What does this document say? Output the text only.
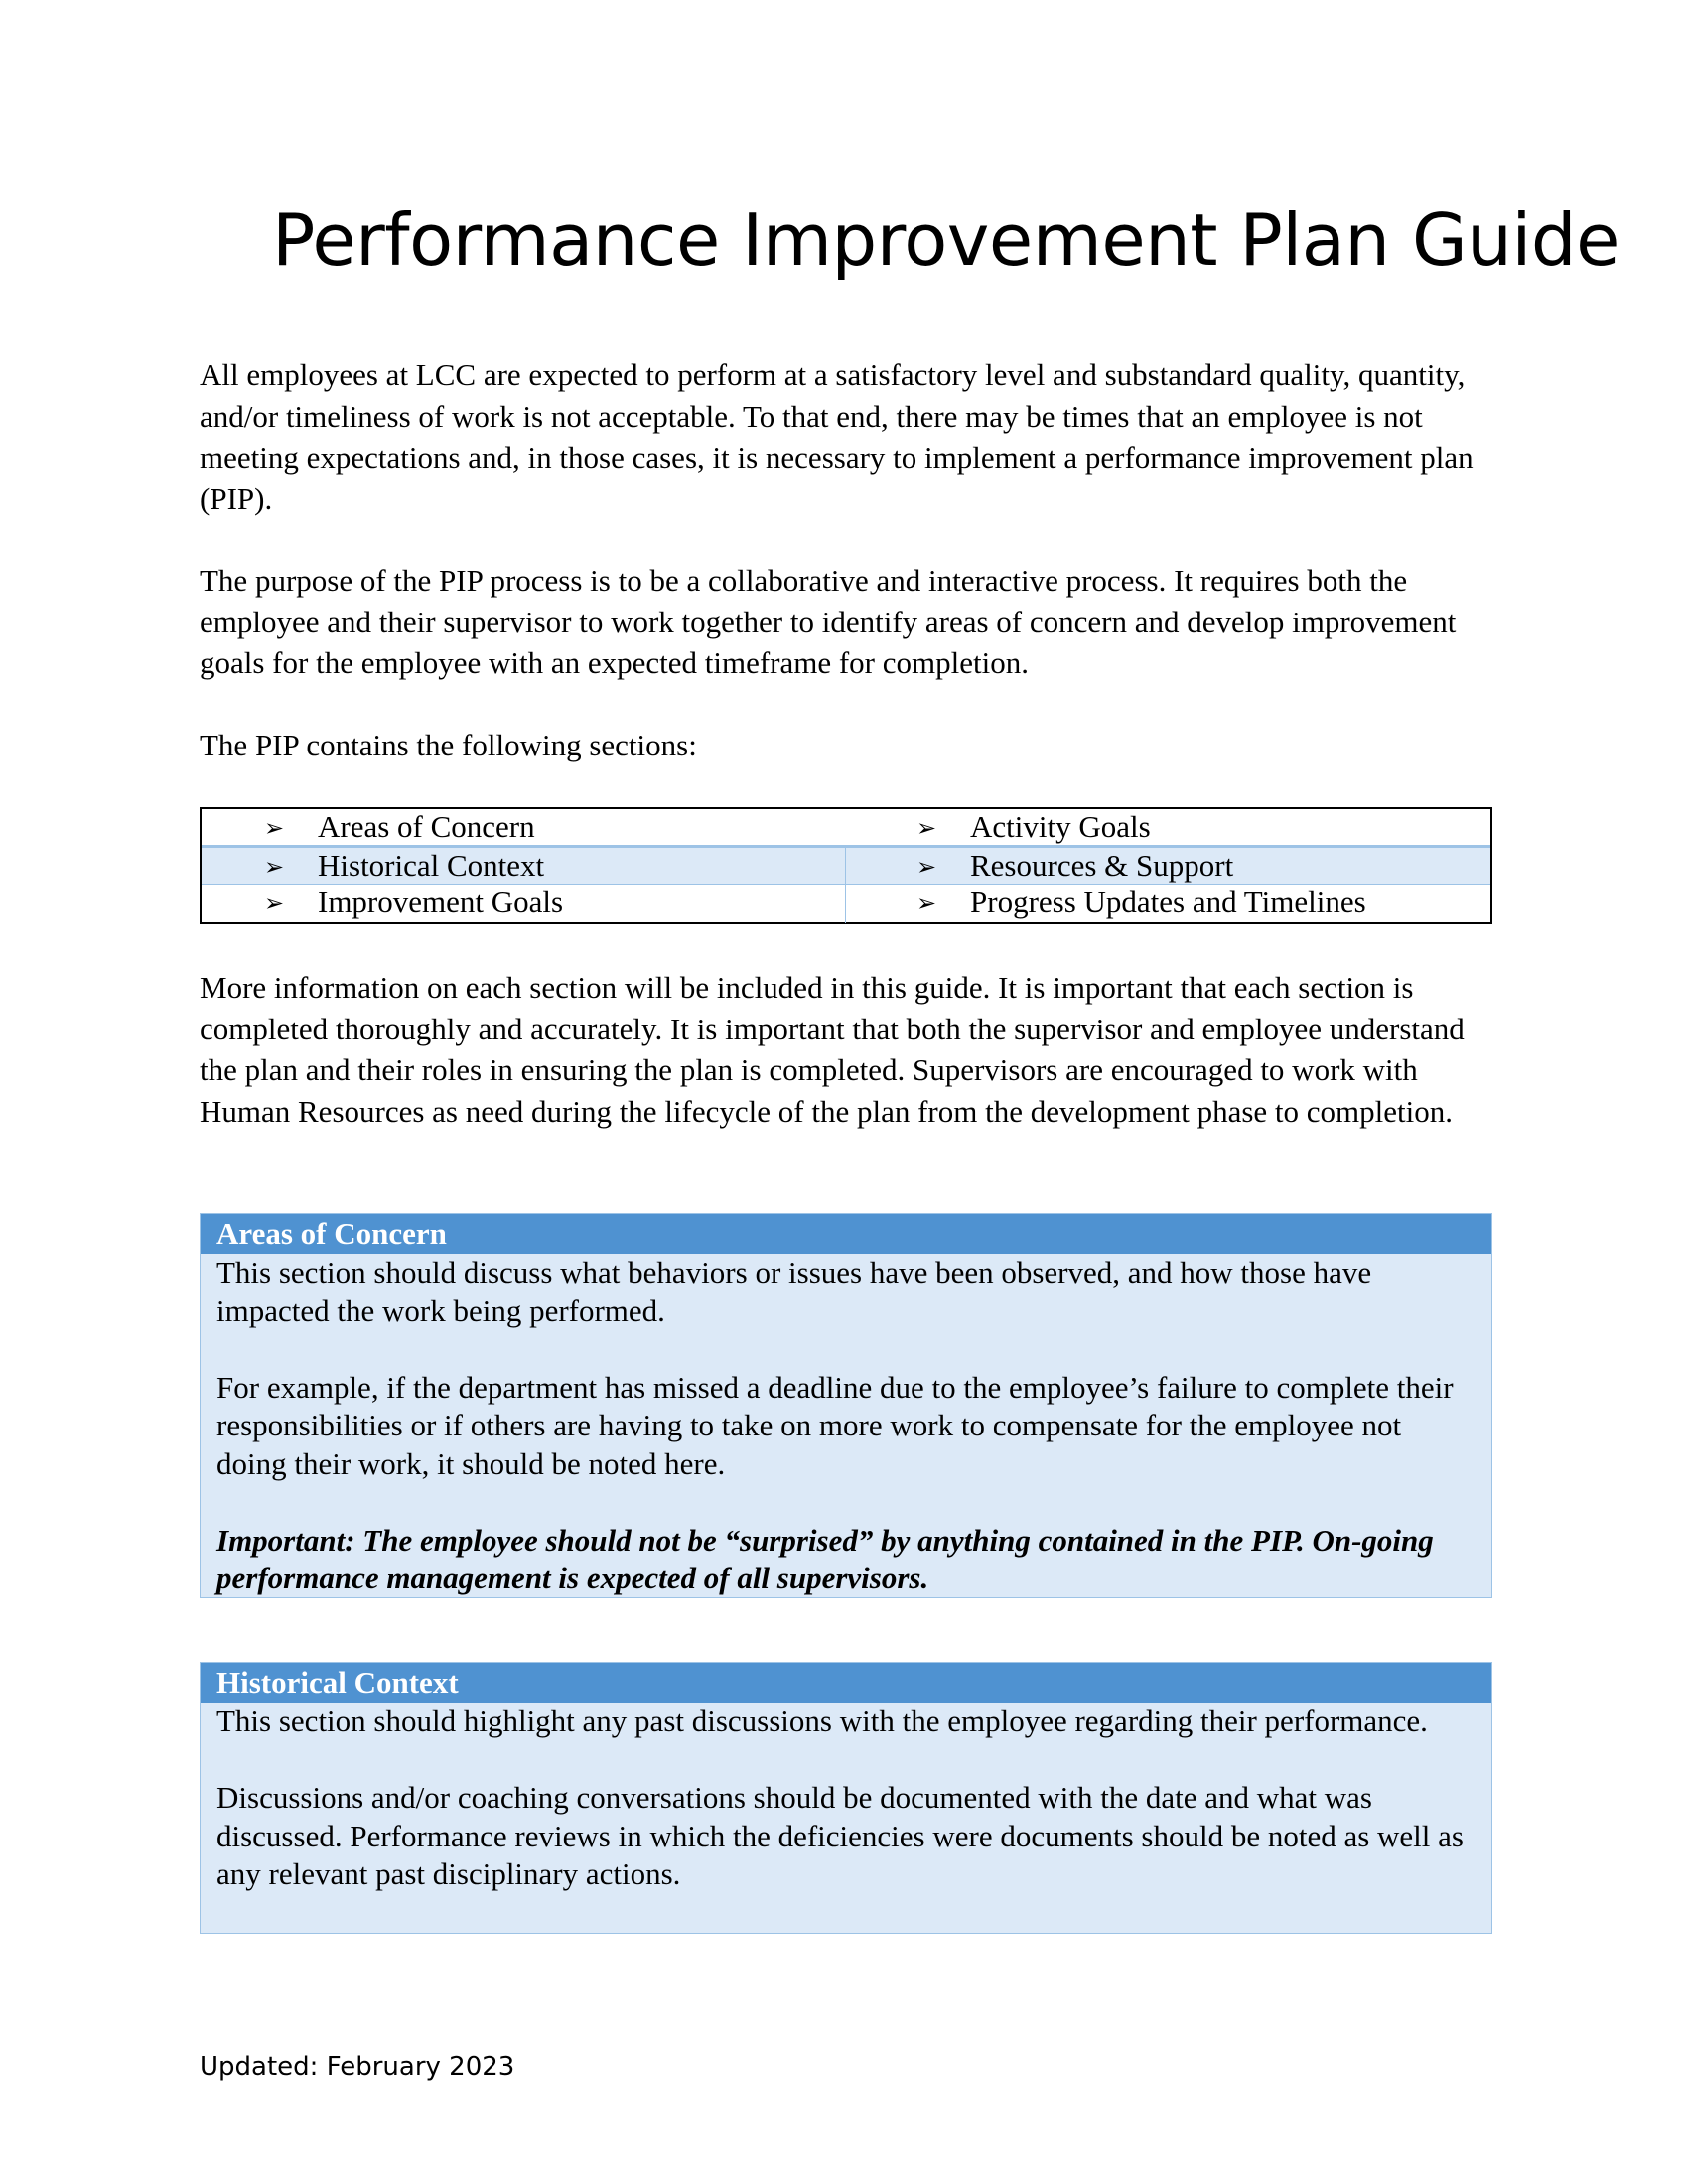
Performance Improvement Plan Guide
All employees at LCC are expected to perform at a satisfactory level and substandard quality, quantity, and/or timeliness of work is not acceptable. To that end, there may be times that an employee is not meeting expectations and, in those cases, it is necessary to implement a performance improvement plan (PIP).
The purpose of the PIP process is to be a collaborative and interactive process. It requires both the employee and their supervisor to work together to identify areas of concern and develop improvement goals for the employee with an expected timeframe for completion.
The PIP contains the following sections:
➢ Areas of Concern	➢ Activity Goals
➢ Historical Context	➢ Resources & Support
➢ Improvement Goals	➢ Progress Updates and Timelines
More information on each section will be included in this guide. It is important that each section is completed thoroughly and accurately. It is important that both the supervisor and employee understand the plan and their roles in ensuring the plan is completed. Supervisors are encouraged to work with Human Resources as need during the lifecycle of the plan from the development phase to completion.
Areas of Concern

This section should discuss what behaviors or issues have been observed, and how those have impacted the work being performed.

For example, if the department has missed a deadline due to the employee’s failure to complete their responsibilities or if others are having to take on more work to compensate for the employee not doing their work, it should be noted here.

Important: The employee should not be “surprised” by anything contained in the PIP. On-going performance management is expected of all supervisors.

Historical Context

This section should highlight any past discussions with the employee regarding their performance.

Discussions and/or coaching conversations should be documented with the date and what was discussed. Performance reviews in which the deficiencies were documents should be noted as well as any relevant past disciplinary actions.

Updated: February 2023
